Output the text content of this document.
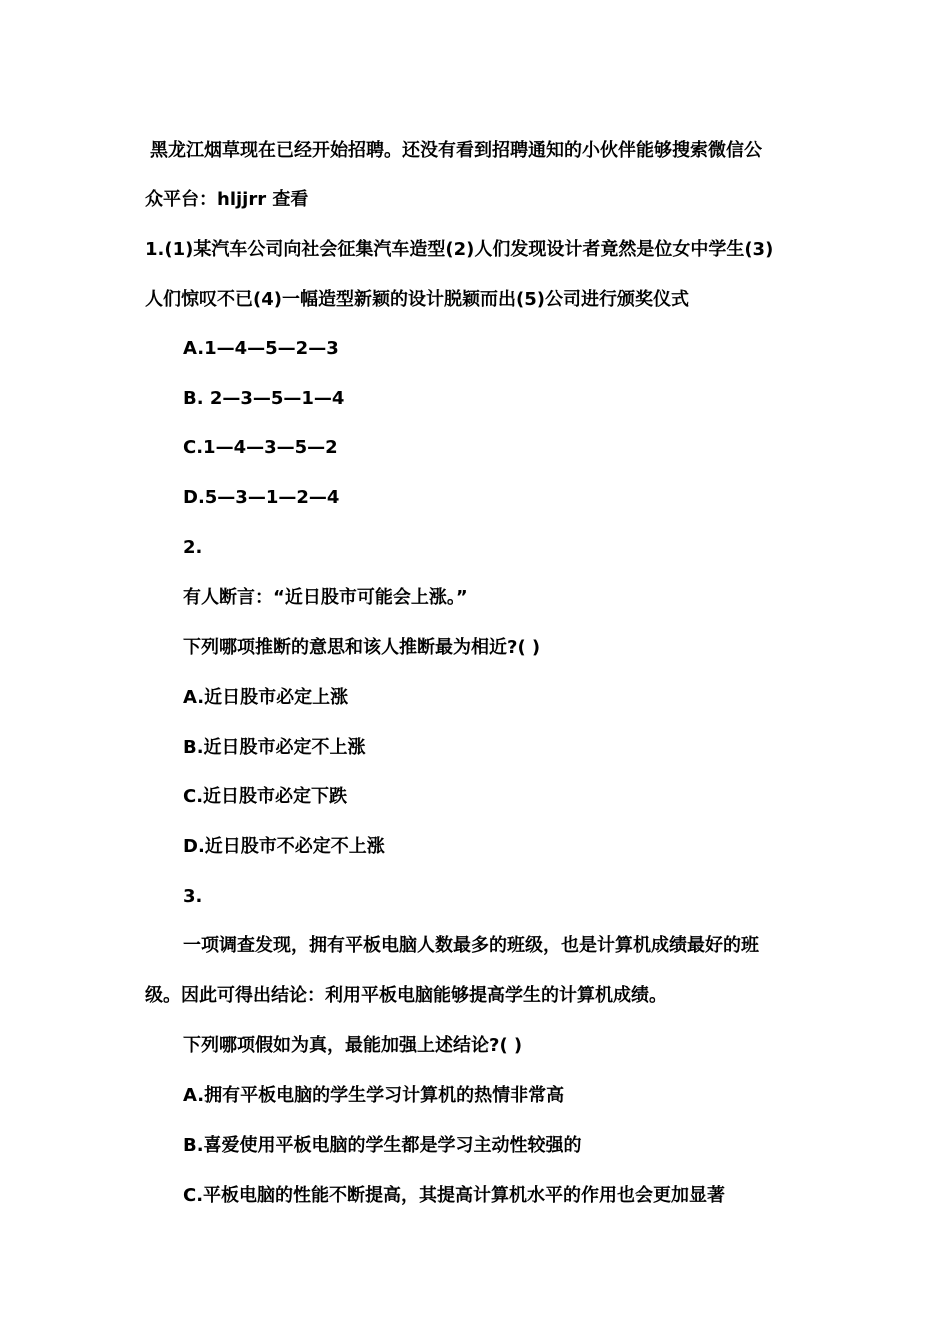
黑龙江烟草现在已经开始招聘。还没有看到招聘通知的小伙伴能够搜索微信公
众平台：hljjrr 查看
1.(1)某汽车公司向社会征集汽车造型(2)人们发现设计者竟然是位女中学生(3)
人们惊叹不已(4)一幅造型新颖的设计脱颖而出(5)公司进行颁奖仪式
A.1—4—5—2—3
B. 2—3—5—1—4
C.1—4—3—5—2
D.5—3—1—2—4
2.
有人断言：“近日股市可能会上涨。”
下列哪项推断的意思和该人推断最为相近?( )
A.近日股市必定上涨
B.近日股市必定不上涨
C.近日股市必定下跌
D.近日股市不必定不上涨
3.
一项调查发现，拥有平板电脑人数最多的班级，也是计算机成绩最好的班
级。因此可得出结论：利用平板电脑能够提高学生的计算机成绩。
下列哪项假如为真，最能加强上述结论?( )
A.拥有平板电脑的学生学习计算机的热情非常高
B.喜爱使用平板电脑的学生都是学习主动性较强的
C.平板电脑的性能不断提高，其提高计算机水平的作用也会更加显著
